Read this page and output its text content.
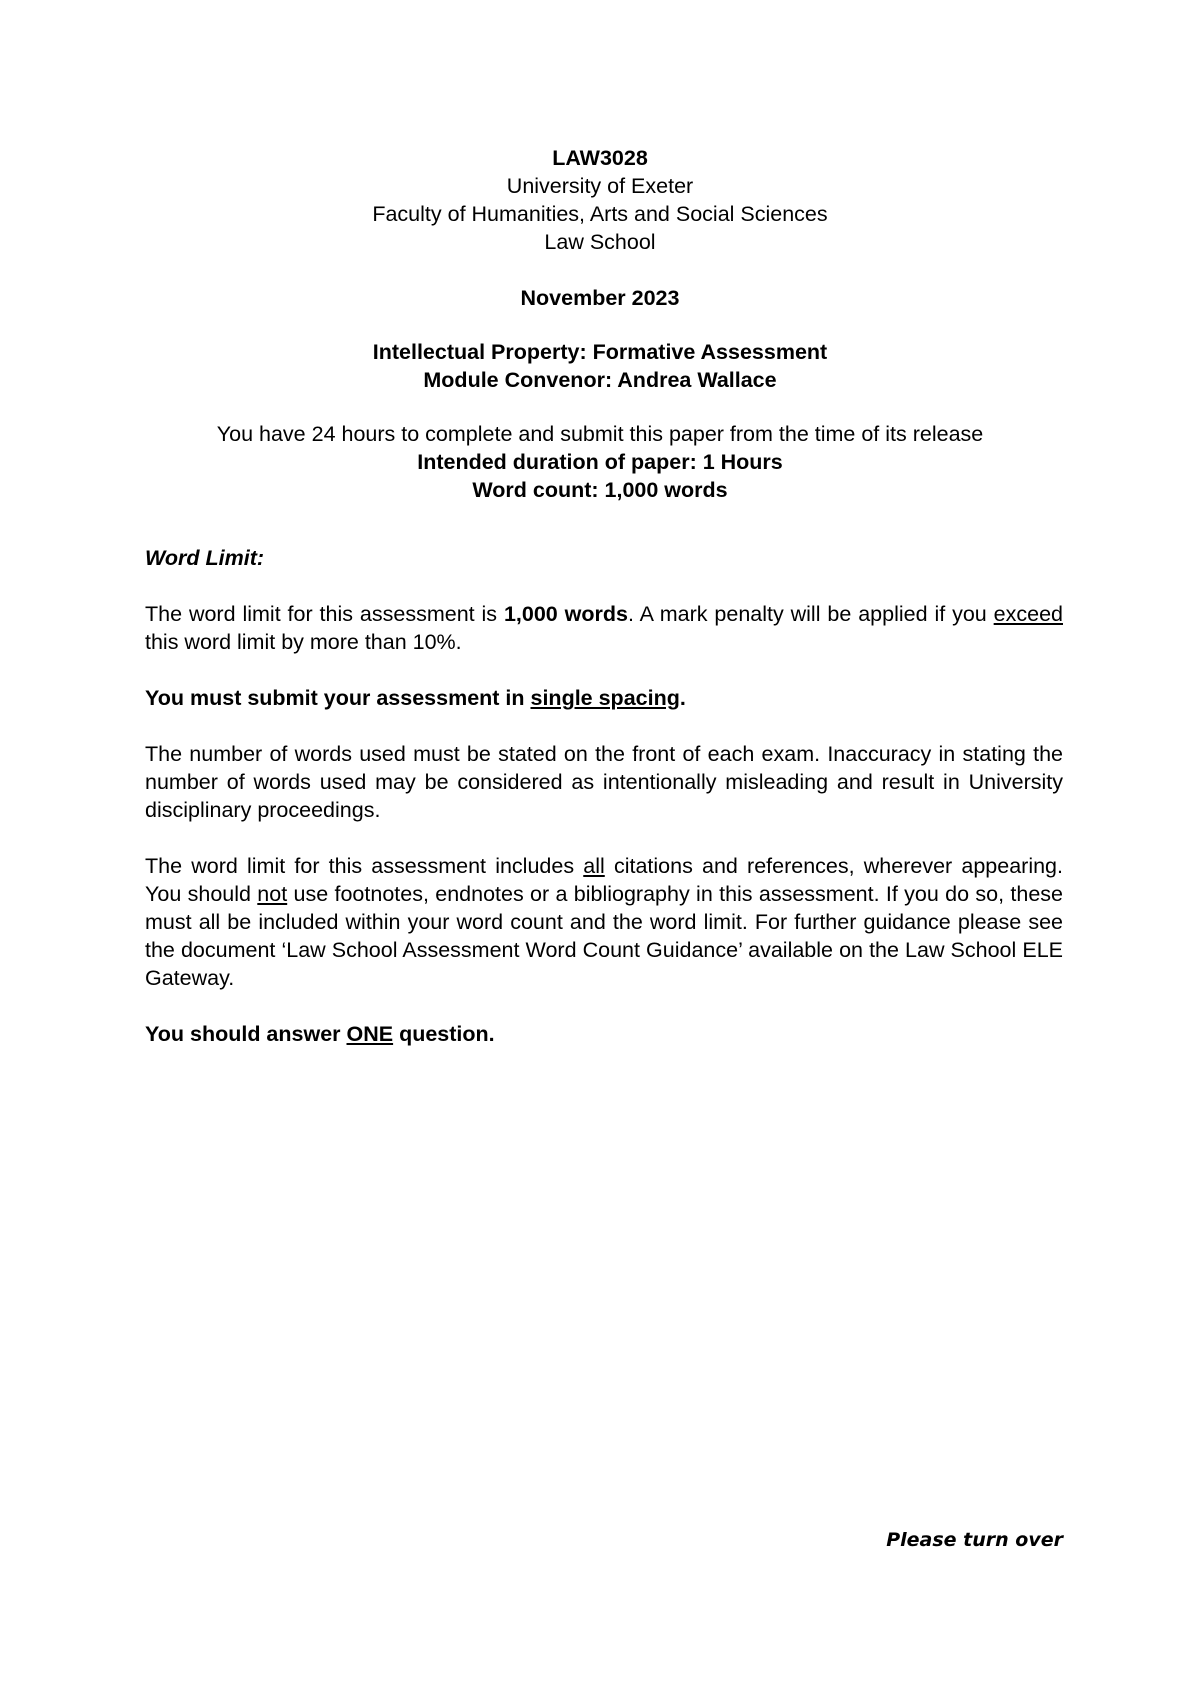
LAW3028
University of Exeter
Faculty of Humanities, Arts and Social Sciences
Law School
November 2023
Intellectual Property: Formative Assessment
Module Convenor: Andrea Wallace
You have 24 hours to complete and submit this paper from the time of its release
Intended duration of paper: 1 Hours
Word count: 1,000 words

Word Limit:

The word limit for this assessment is 1,000 words. A mark penalty will be applied if you exceed this word limit by more than 10%.

You must submit your assessment in single spacing.

The number of words used must be stated on the front of each exam. Inaccuracy in stating the number of words used may be considered as intentionally misleading and result in University disciplinary proceedings.

The word limit for this assessment includes all citations and references, wherever appearing. You should not use footnotes, endnotes or a bibliography in this assessment. If you do so, these must all be included within your word count and the word limit. For further guidance please see the document ‘Law School Assessment Word Count Guidance’ available on the Law School ELE Gateway.

You should answer ONE question.

Please turn over
